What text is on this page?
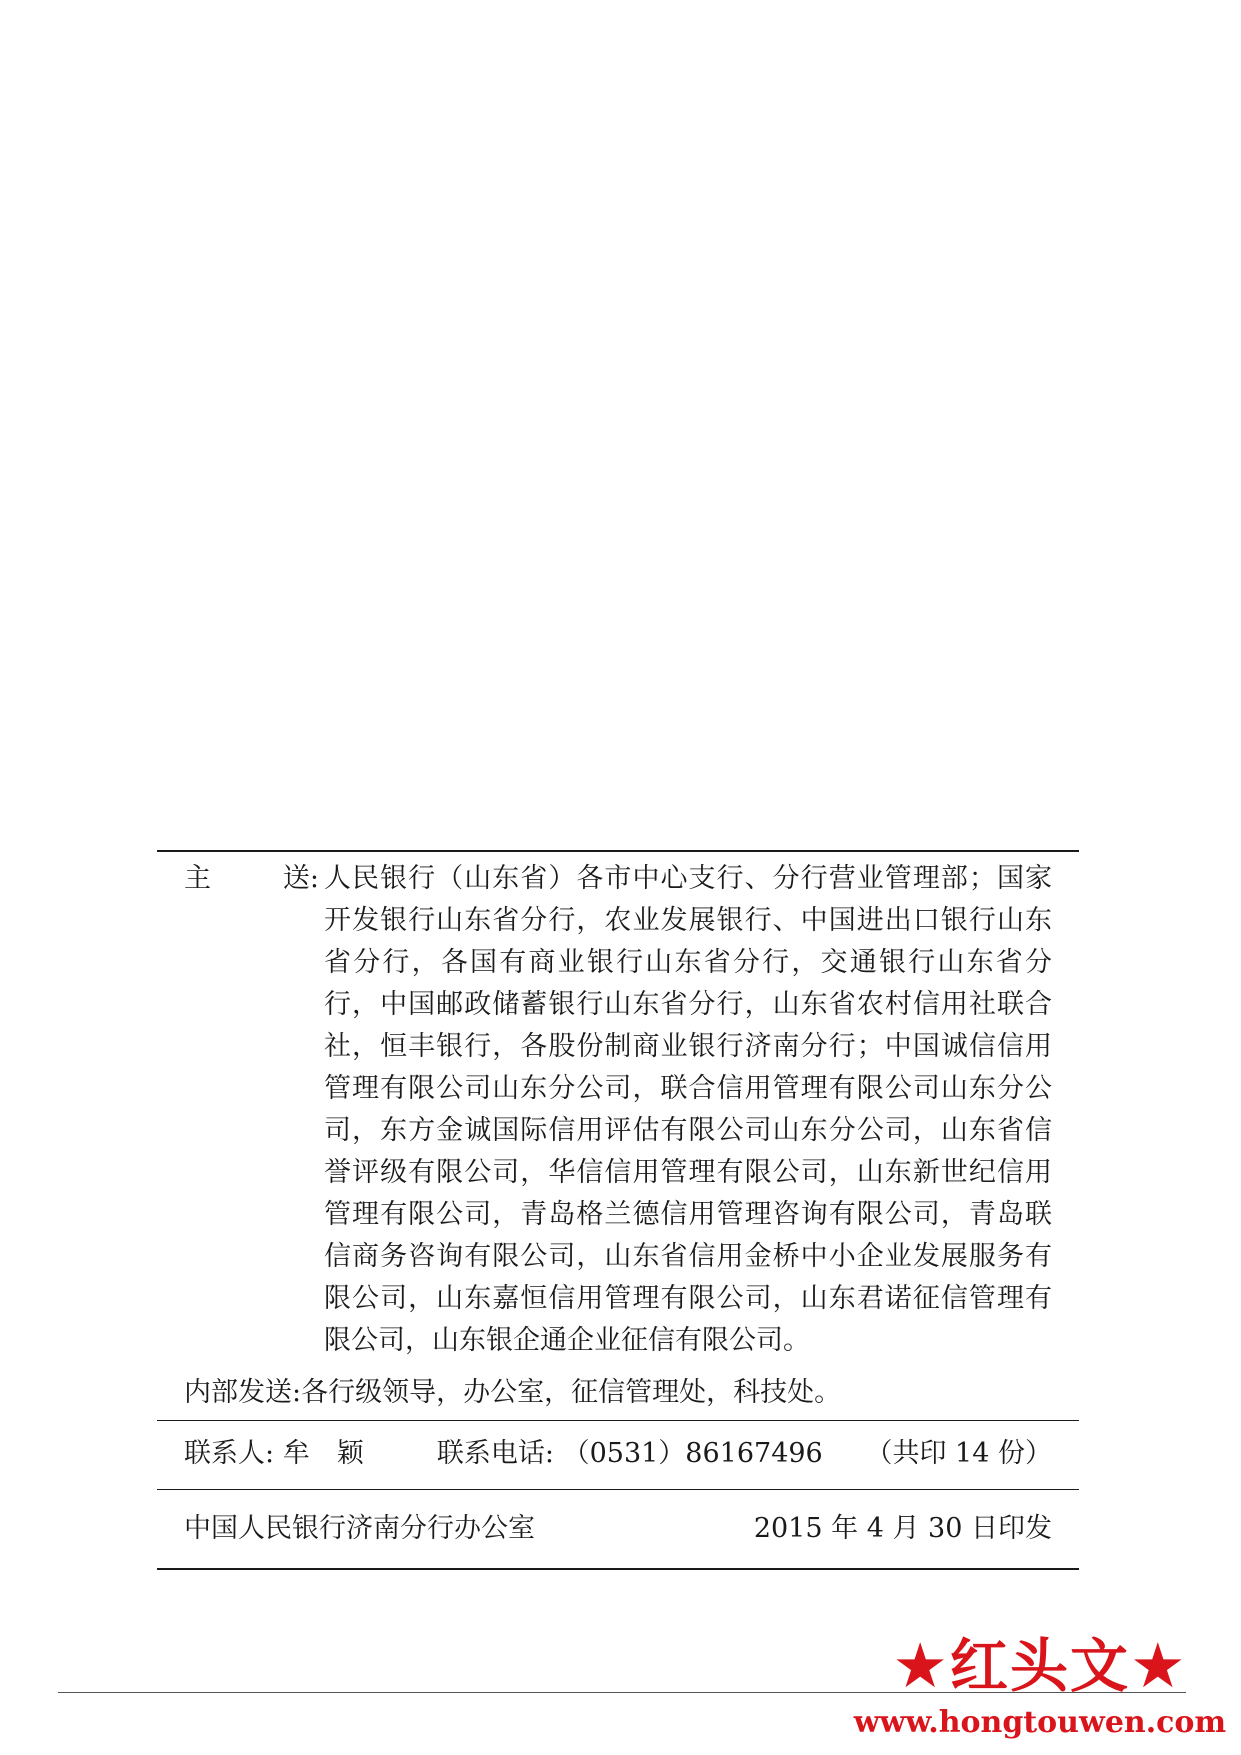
主	送: 人民银行（山东省）各市中心支行、分行营业管理部；国家开发银行山东省分行，农业发展银行、中国进出口银行山东省分行，各国有商业银行山东省分行，交通银行山东省分行，中国邮政储蓄银行山东省分行，山东省农村信用社联合社，恒丰银行，各股份制商业银行济南分行；中国诚信信用管理有限公司山东分公司，联合信用管理有限公司山东分公司，东方金诚国际信用评估有限公司山东分公司，山东省信誉评级有限公司，华信信用管理有限公司，山东新世纪信用管理有限公司，青岛格兰德信用管理咨询有限公司，青岛联信商务咨询有限公司，山东省信用金桥中小企业发展服务有限公司，山东嘉恒信用管理有限公司，山东君诺征信管理有限公司，山东银企通企业征信有限公司。
内部发送: 各行级领导，办公室，征信管理处，科技处。
联系人: 牟　颖	联系电话: （0531）86167496 （共印 14 份）
中国人民银行济南分行办公室	2015 年 4 月 30 日印发
★ 红头文 ★
www.hongtouwen.com
